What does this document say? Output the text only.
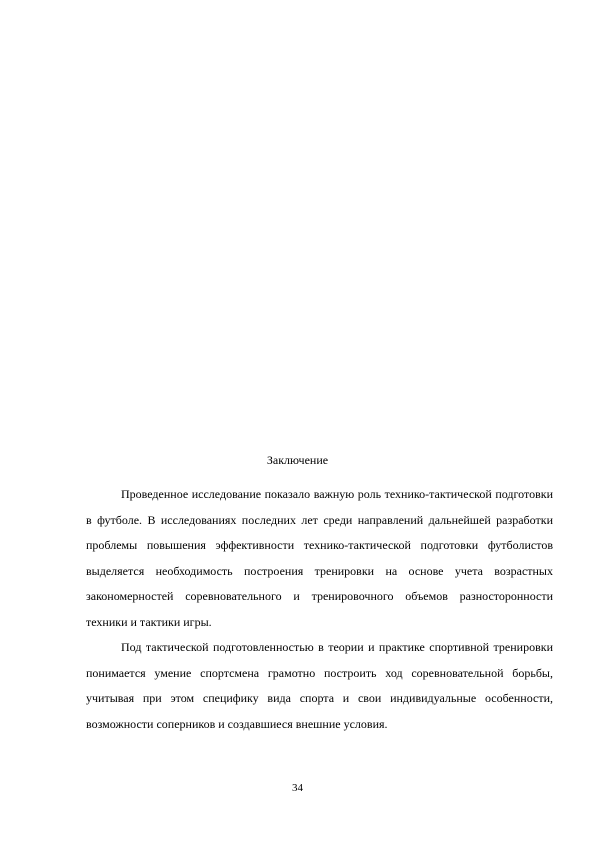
Заключение

Проведенное исследование показало важную роль технико-тактической подготовки в футболе. В исследованиях последних лет среди направлений дальнейшей разработки проблемы повышения эффективности технико-тактической подготовки футболистов выделяется необходимость построения тренировки на основе учета возрастных закономерностей соревновательного и тренировочного объемов разносторонности техники и тактики игры.

Под тактической подготовленностью в теории и практике спортивной тренировки понимается умение спортсмена грамотно построить ход соревновательной борьбы, учитывая при этом специфику вида спорта и свои индивидуальные особенности, возможности соперников и создавшиеся внешние условия.

34
